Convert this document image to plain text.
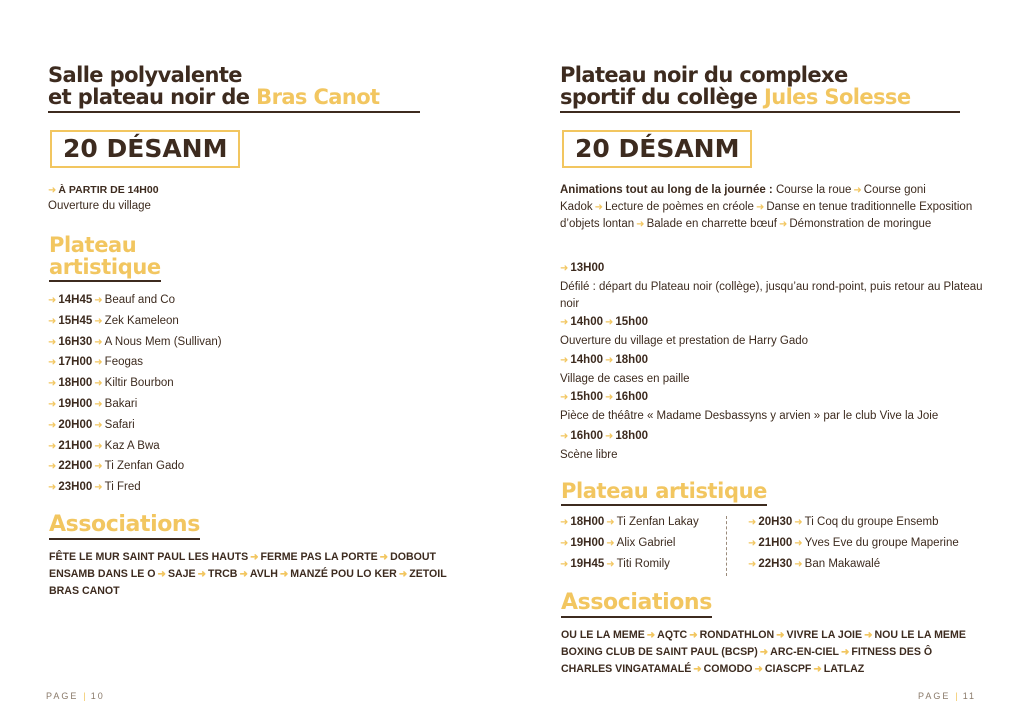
Salle polyvalente
et plateau noir de Bras Canot
20 DÉSANM
➜ À PARTIR DE 14H00
Ouverture du village
Plateau
artistique
➜ 14H45 ➜ Beauf and Co
➜ 15H45 ➜ Zek Kameleon
➜ 16H30 ➜ A Nous Mem (Sullivan)
➜ 17H00 ➜ Feogas
➜ 18H00 ➜ Kiltir Bourbon
➜ 19H00 ➜ Bakari
➜ 20H00 ➜ Safari
➜ 21H00 ➜ Kaz A Bwa
➜ 22H00 ➜ Ti Zenfan Gado
➜ 23H00 ➜ Ti Fred
Associations
FÊTE LE MUR SAINT PAUL LES HAUTS ➜ FERME PAS LA PORTE ➜ DOBOUT ENSAMB DANS LE O ➜ SAJE ➜ TRCB ➜ AVLH ➜ MANZÉ POU LO KER ➜ ZETOIL BRAS CANOT
PAGE | 10
Plateau noir du complexe
sportif du collège Jules Solesse
20 DÉSANM
Animations tout au long de la journée : Course la roue ➜ Course goni Kadok ➜ Lecture de poèmes en créole ➜ Danse en tenue traditionnelle Exposition d’objets lontan ➜ Balade en charrette bœuf ➜ Démonstration de moringue
➜ 13H00
Défilé : départ du Plateau noir (collège), jusqu’au rond-point, puis retour au Plateau noir
➜ 14h00 ➜ 15h00
Ouverture du village et prestation de Harry Gado
➜ 14h00 ➜ 18h00
Village de cases en paille
➜ 15h00 ➜ 16h00
Pièce de théâtre « Madame Desbassyns y arvien » par le club Vive la Joie
➜ 16h00 ➜ 18h00
Scène libre
Plateau artistique
➜ 18H00 ➜ Ti Zenfan Lakay
➜ 19H00 ➜ Alix Gabriel
➜ 19H45 ➜ Titi Romily
➜ 20H30 ➜ Ti Coq du groupe Ensemb
➜ 21H00 ➜ Yves Eve du groupe Maperine
➜ 22H30 ➜ Ban Makawalé
Associations
OU LE LA MEME ➜ AQTC ➜ RONDATHLON ➜ VIVRE LA JOIE ➜ NOU LE LA MEME BOXING CLUB DE SAINT PAUL (BCSP) ➜ ARC-EN-CIEL ➜ FITNESS DES Ô CHARLES VINGATAMALÉ ➜ COMODO ➜ CIASCPF ➜ LATLAZ
PAGE | 11
